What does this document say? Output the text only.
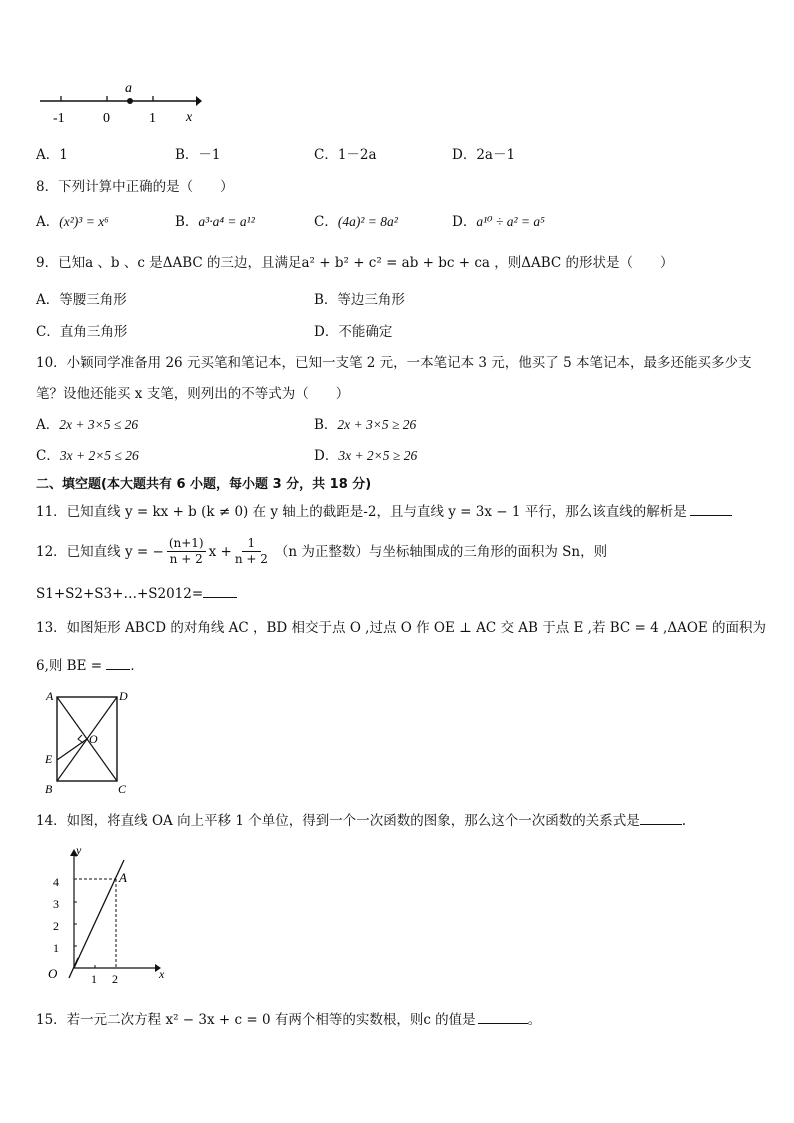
a
-1	0	1 x
A．1	B．－1	C．1－2a	D．2a－1
8．下列计算中正确的是（　　）
A．(x²)³ = x⁶	B．a³·a⁴ = a¹²	C．(4a)² = 8a²	D．a¹⁰ ÷ a² = a⁵
9．已知a 、b 、c 是ΔABC 的三边，且满足a² + b² + c² = ab + bc + ca ，则ΔABC 的形状是（　　）
A．等腰三角形	B．等边三角形
C．直角三角形	D．不能确定
10．小颖同学准备用 26 元买笔和笔记本，已知一支笔 2 元，一本笔记本 3 元，他买了 5 本笔记本，最多还能买多少支
笔？设他还能买 x 支笔，则列出的不等式为（　　）
A．2x + 3×5 ≤ 26	B．2x + 3×5 ≥ 26
C．3x + 2×5 ≤ 26	D．3x + 2×5 ≥ 26
二、填空题(本大题共有 6 小题，每小题 3 分，共 18 分)
11．已知直线 y = kx + b (k ≠ 0) 在 y 轴上的截距是-2，且与直线 y = 3x − 1 平行，那么该直线的解析是
12．已知直线 y = − $\frac{(n+1)}{n + 2}$ $x + \frac{1}{n + 2} (n$ 为正整数）与坐标轴围成的三角形的面积为 Sn，则
S1+S2+S3+…+S2012=
13．如图矩形 ABCD 的对角线 AC ，BD 相交于点 O ,过点 O 作 OE ⊥ AC 交 AB 于点 E ,若 BC = 4 ,ΔAOE 的面积为
6,则 BE = ．
A	D
O
E
B	C
14．如图，将直线 OA 向上平移 1 个单位，得到一个一次函数的图象，那么这个一次函数的关系式是	.
y
x
O
A
4
3
2
1
1 2
15．若一元二次方程 x² − 3x + c = 0 有两个相等的实数根，则c 的值是	。
